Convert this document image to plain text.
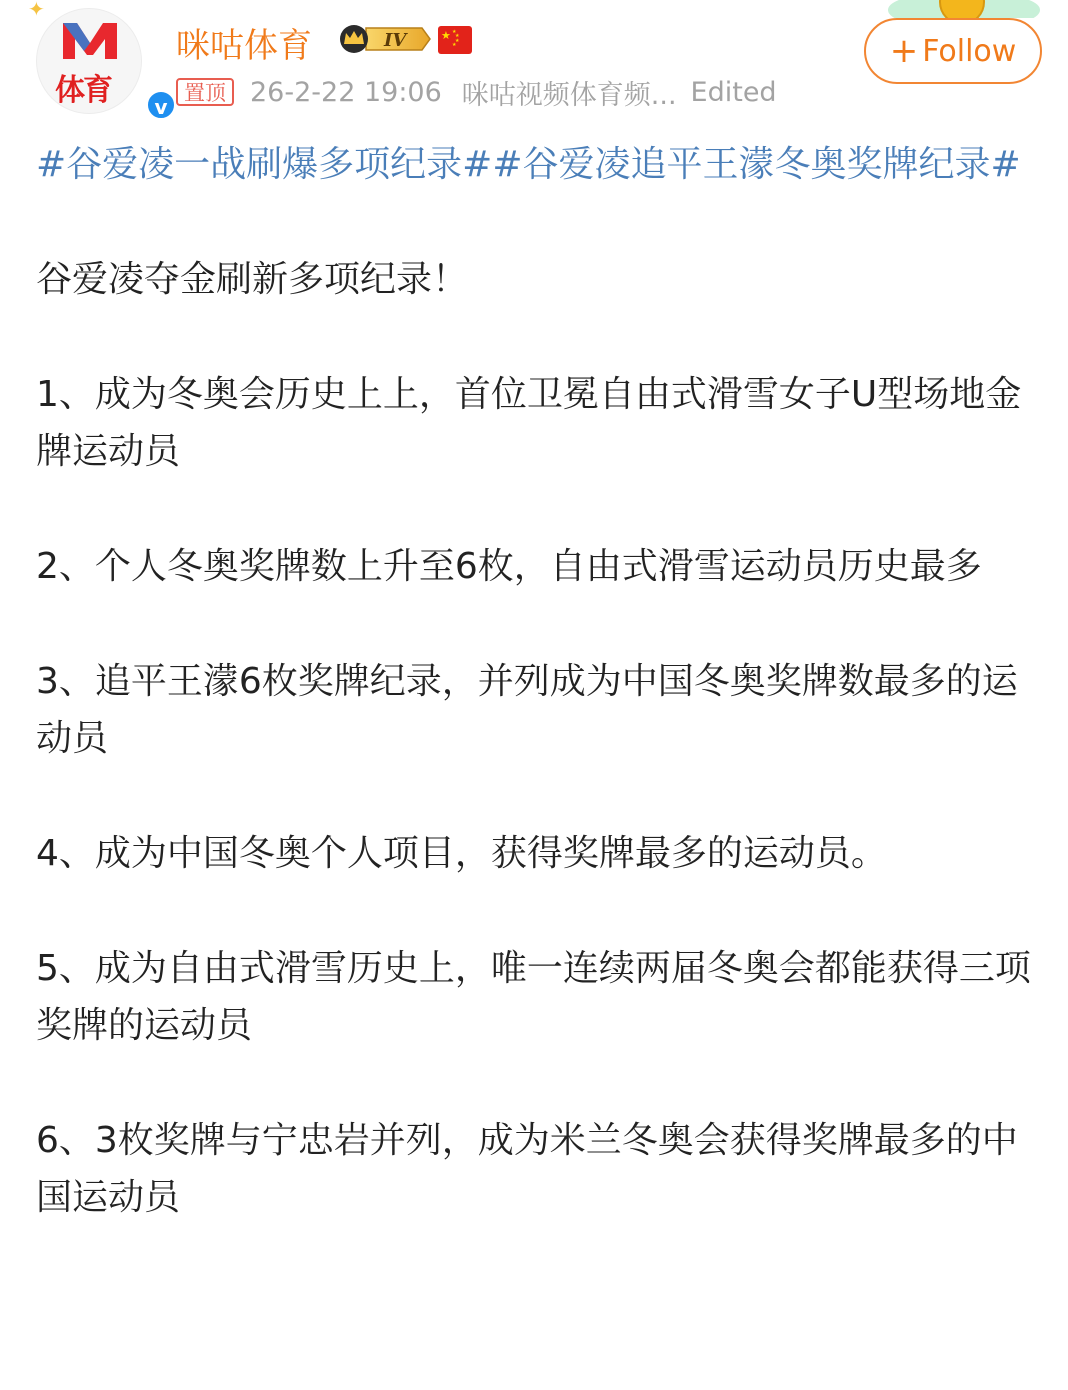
✦
体育	v
咪咕体育	IV	★ ★
★
★
★
置顶 26-2-22 19:06 咪咕视频体育频... Edited
+ Follow

#谷爱凌一战刷爆多项纪录##谷爱凌追平王濛冬奥奖牌纪录#

谷爱凌夺金刷新多项纪录！

1、成为冬奥会历史上上，首位卫冕自由式滑雪女子U型场地金牌运动员

2、个人冬奥奖牌数上升至6枚，自由式滑雪运动员历史最多

3、追平王濛6枚奖牌纪录，并列成为中国冬奥奖牌数最多的运动员

4、成为中国冬奥个人项目，获得奖牌最多的运动员。

5、成为自由式滑雪历史上，唯一连续两届冬奥会都能获得三项奖牌的运动员

6、3枚奖牌与宁忠岩并列，成为米兰冬奥会获得奖牌最多的中国运动员
